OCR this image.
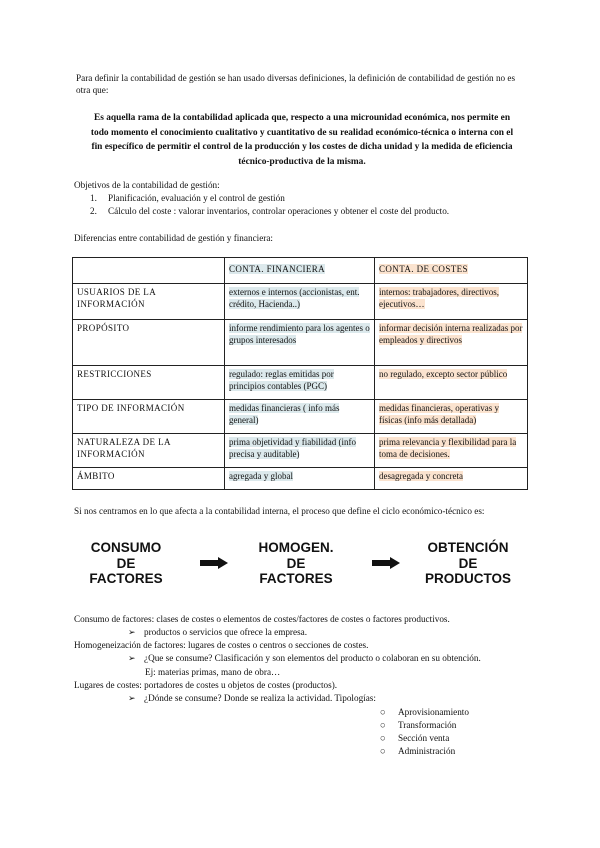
Para definir la contabilidad de gestión se han usado diversas definiciones, la definición de contabilidad de gestión no es otra que:
Es aquella rama de la contabilidad aplicada que, respecto a una microunidad económica, nos permite en
todo momento el conocimiento cualitativo y cuantitativo de su realidad económico-técnica o interna con el
fin específico de permitir el control de la producción y los costes de dicha unidad y la medida de eficiencia
técnico-productiva de la misma.
Objetivos de la contabilidad de gestión:
1. Planificación, evaluación y el control de gestión
2. Cálculo del coste : valorar inventarios, controlar operaciones y obtener el coste del producto.
Diferencias entre contabilidad de gestión y financiera:
	CONTA. FINANCIERA	CONTA. DE COSTES
USUARIOS DE LA INFORMACIÓN	externos e internos (accionistas, ent. crédito, Hacienda..)	internos: trabajadores, directivos, ejecutivos…
PROPÓSITO	informe rendimiento para los agentes o grupos interesados	informar decisión interna realizadas por empleados y directivos
RESTRICCIONES	regulado: reglas emitidas por principios contables (PGC)	no regulado, excepto sector público
TIPO DE INFORMACIÓN	medidas financieras ( info más general)	medidas financieras, operativas y físicas (info más detallada)
NATURALEZA DE LA INFORMACIÓN	prima objetividad y fiabilidad (info precisa y auditable)	prima relevancia y flexibilidad para la toma de decisiones.
ÁMBITO	agregada y global	desagregada y concreta
Si nos centramos en lo que afecta a la contabilidad interna, el proceso que define el ciclo económico-técnico es:
CONSUMO
DE
FACTORES
HOMOGEN.
DE
FACTORES
OBTENCIÓN
DE
PRODUCTOS
Consumo de factores: clases de costes o elementos de costes/factores de costes o factores productivos.
➢ productos o servicios que ofrece la empresa.
Homogeneización de factores: lugares de costes o centros o secciones de costes.
➢ ¿Que se consume? Clasificación y son elementos del producto o colaboran en su obtención.
Ej: materias primas, mano de obra…
Lugares de costes: portadores de costes u objetos de costes (productos).
➢ ¿Dónde se consume? Donde se realiza la actividad. Tipologías:
○ Aprovisionamiento
○ Transformación
○ Sección venta
○ Administración
